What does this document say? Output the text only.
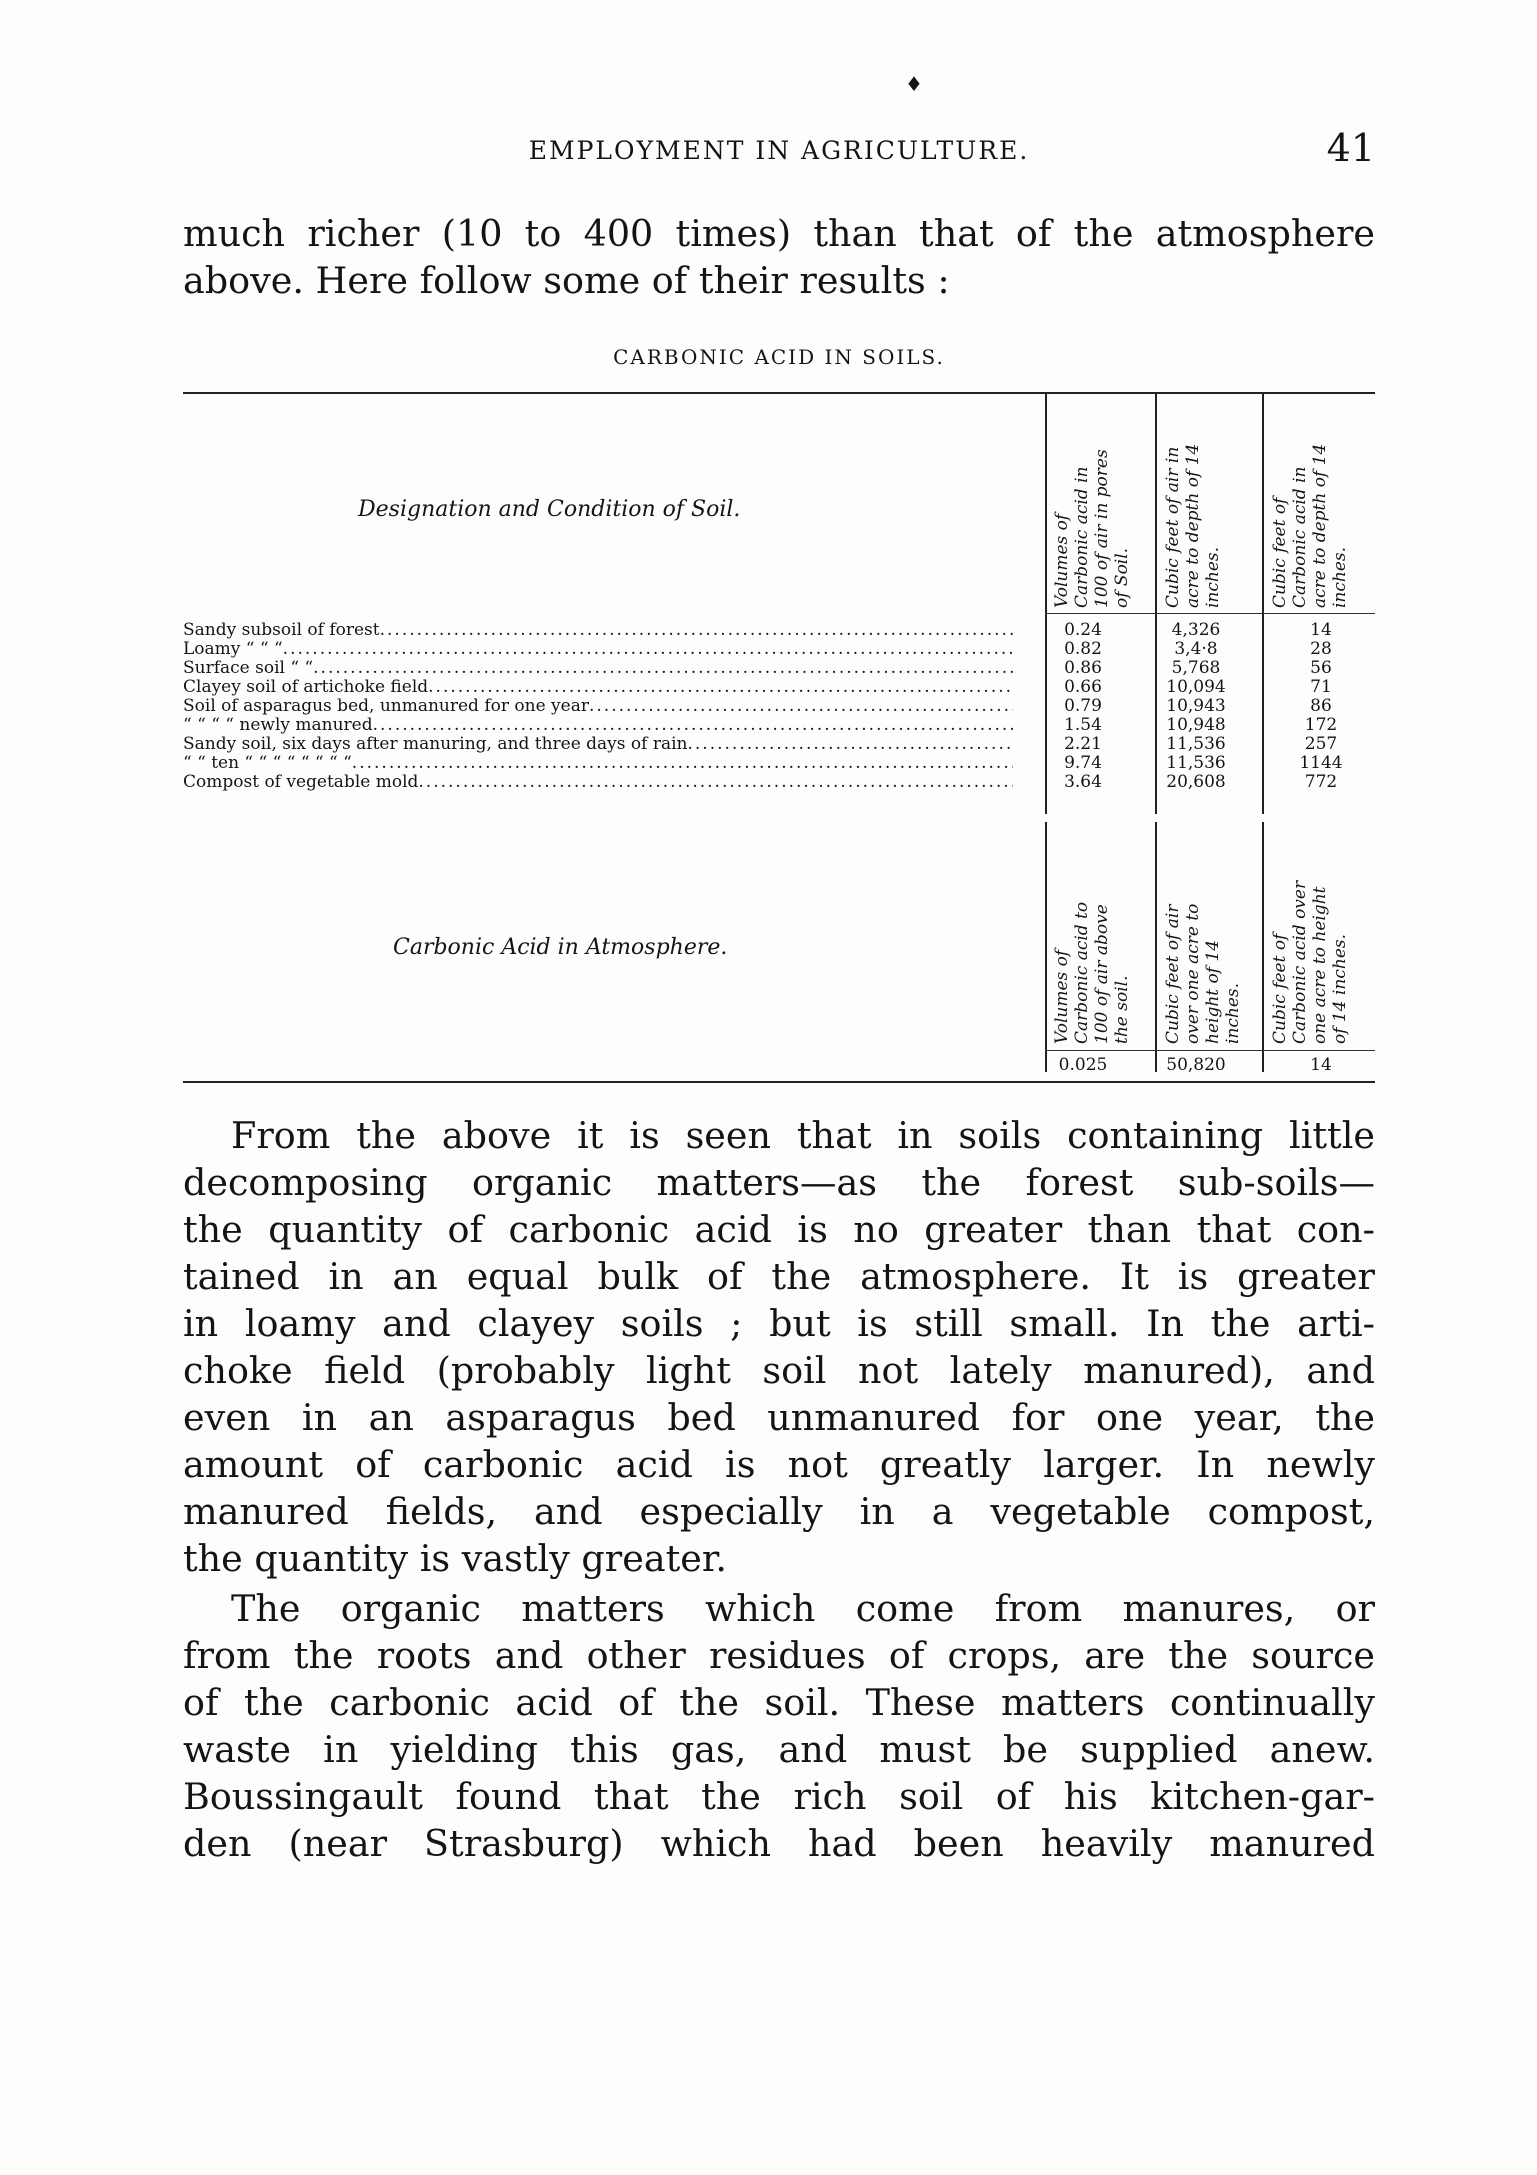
♦
EMPLOYMENT IN AGRICULTURE.	41
much richer (10 to 400 times) than that of the atmosphere
above. Here follow some of their results :
CARBONIC ACID IN SOILS.
Designation and Condition of Soil.
Volumes of Carbonic acid in 100 of air in pores of Soil.	Cubic feet of air in acre to depth of 14 inches.	Cubic feet of Carbonic acid in acre to depth of 14 inches.
Sandy subsoil of forest .....	0.24	4,326	14
Loamy “ “ “ .....	0.82	3,4·8	28
Surface soil “ “ .....	0.86	5,768	56
Clayey soil of artichoke field .....	0.66	10,094	71
Soil of asparagus bed, unmanured for one year .....	0.79	10,943	86
“ “ “ “ newly manured .....	1.54	10,948	172
Sandy soil, six days after manuring, and three days of rain .....	2.21	11,536	257
“ “ ten “ “ “ “ “ “ “ “ .....	9.74	11,536	1144
Compost of vegetable mold .....	3.64	20,608	772
Carbonic Acid in Atmosphere.
Volumes of Carbonic acid to 100 of air above the soil.	Cubic feet of air over one acre to height of 14 inches.	Cubic feet of Carbonic acid over one acre to height of 14 inches.
0.025	50,820	14
From the above it is seen that in soils containing little
decomposing organic matters—as the forest sub-soils—
the quantity of carbonic acid is no greater than that con-
tained in an equal bulk of the atmosphere. It is greater
in loamy and clayey soils ; but is still small. In the arti-
choke field (probably light soil not lately manured), and
even in an asparagus bed unmanured for one year, the
amount of carbonic acid is not greatly larger. In newly
manured fields, and especially in a vegetable compost,
the quantity is vastly greater.
The organic matters which come from manures, or
from the roots and other residues of crops, are the source
of the carbonic acid of the soil. These matters continually
waste in yielding this gas, and must be supplied anew.
Boussingault found that the rich soil of his kitchen-gar-
den (near Strasburg) which had been heavily manured
